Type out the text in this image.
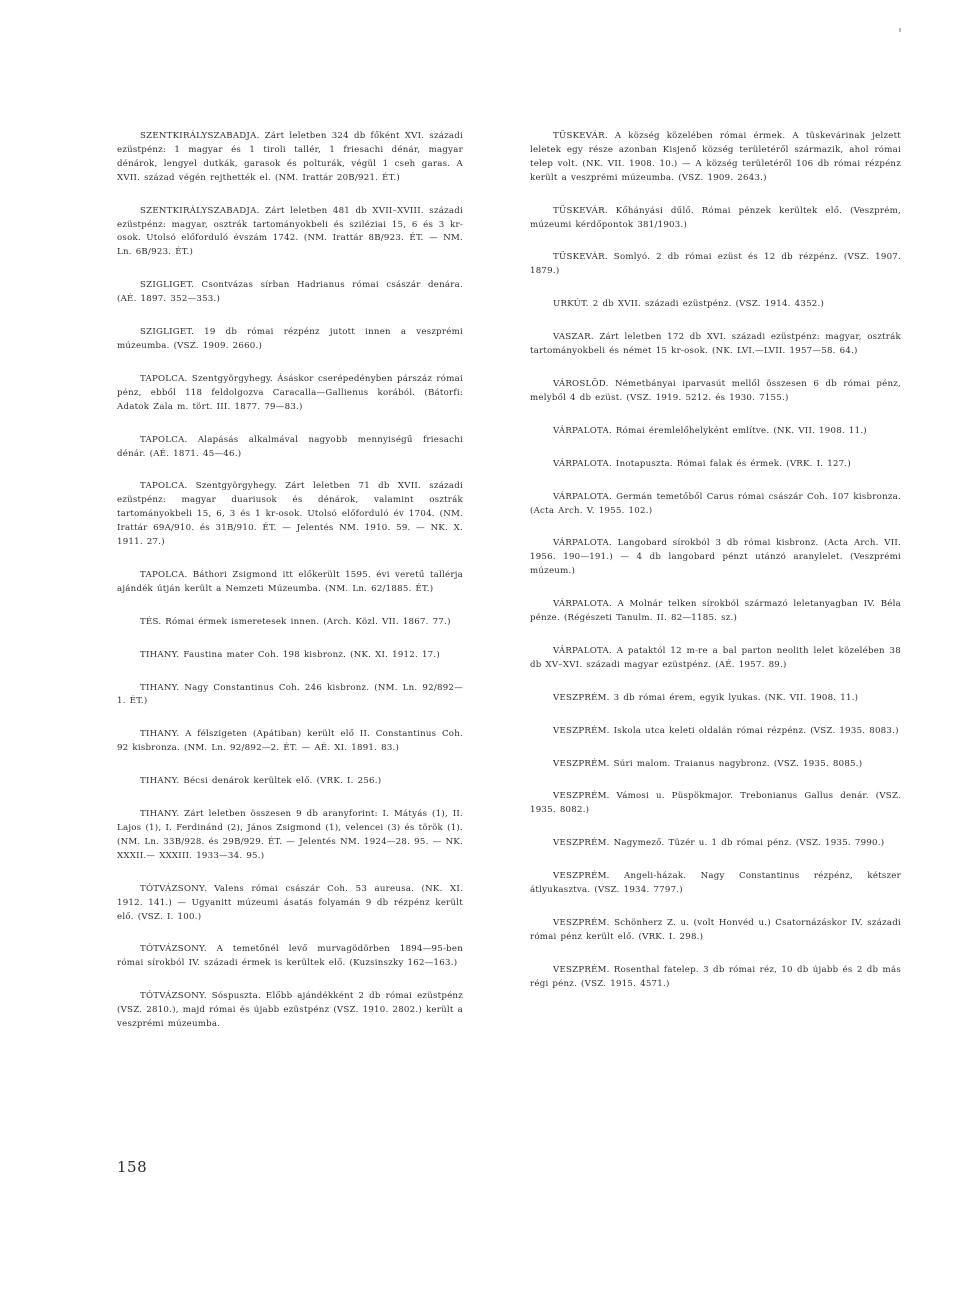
SZENTKIRÁLYSZABADJA. Zárt leletben 324 db főként XVI. századi ezüstpénz: 1 magyar és 1 tiroli tallér, 1 friesachi dénár, magyar dénárok, lengyel dutkák, garasok és polturák, végül 1 cseh garas. A XVII. század végén rejthették el. (NM. Irattár 20B/921. ÉT.)

SZENTKIRÁLYSZABADJA. Zárt leletben 481 db XVII–XVIII. századi ezüstpénz: magyar, osztrák tartományokbeli és sziléziai 15, 6 és 3 kr-osok. Utolsó előforduló évszám 1742. (NM. Irattár 8B/923. ÉT. — NM. Ln. 6B/923. ÉT.)

SZIGLIGET. Csontvázas sírban Hadrianus római császár denára. (AÉ. 1897. 352—353.)

SZIGLIGET. 19 db római rézpénz jutott innen a veszprémi múzeumba. (VSZ. 1909. 2660.)

TAPOLCA. Szentgyörgyhegy. Ásáskor cserépedényben párszáz római pénz, ebből 118 feldolgozva Caracalla—Gallienus korából. (Bátorfi: Adatok Zala m. tört. III. 1877. 79—83.)

TAPOLCA. Alapásás alkalmával nagyobb mennyiségű friesachi dénár. (AÉ. 1871. 45—46.)

TAPOLCA. Szentgyörgyhegy. Zárt leletben 71 db XVII. századi ezüstpénz: magyar duariusok és dénárok, valamint osztrák tartományokbeli 15, 6, 3 és 1 kr-osok. Utolsó előforduló év 1704. (NM. Irattár 69A/910. és 31B/910. ÉT. — Jelentés NM. 1910. 59. — NK. X. 1911. 27.)

TAPOLCA. Báthori Zsigmond itt előkerült 1595. évi veretű tallérja ajándék útján került a Nemzeti Múzeumba. (NM. Ln. 62/1885. ÉT.)

TÉS. Római érmek ismeretesek innen. (Arch. Közl. VII. 1867. 77.)

TIHANY. Faustina mater Coh. 198 kisbronz. (NK. XI. 1912. 17.)

TIHANY. Nagy Constantinus Coh. 246 kisbronz. (NM. Ln. 92/892—1. ÉT.)

TIHANY. A félszigeten (Apátiban) került elő II. Constantinus Coh. 92 kisbronza. (NM. Ln. 92/892—2. ÉT. — AÉ. XI. 1891. 83.)

TIHANY. Bécsi denárok kerültek elő. (VRK. I. 256.)

TIHANY. Zárt leletben összesen 9 db aranyforint: I. Mátyás (1), II. Lajos (1), I. Ferdinánd (2), János Zsigmond (1), velencei (3) és török (1). (NM. Ln. 33B/928. és 29B/929. ÉT. — Jelentés NM. 1924—28. 95. — NK. XXXII.— XXXIII. 1933—34. 95.)

TÓTVÁZSONY. Valens római császár Coh. 53 aureusa. (NK. XI. 1912. 141.) — Ugyanitt múzeumi ásatás folyamán 9 db rézpénz került elő. (VSZ. I. 100.)

TÓTVÁZSONY. A temetőnél levő murvagödörben 1894—95-ben római sírokból IV. századi érmek is kerültek elő. (Kuzsinszky 162—163.)

TÓTVÁZSONY. Sóspuszta. Előbb ajándékként 2 db római ezüstpénz (VSZ. 2810.), majd római és újabb ezüstpénz (VSZ. 1910. 2802.) került a veszprémi múzeumba.

TÜSKEVÁR. A község közelében római érmek. A tüskevárinak jelzett leletek egy része azonban Kisjenő község területéről származik, ahol római telep volt. (NK. VII. 1908. 10.) — A község területéről 106 db római rézpénz került a veszprémi múzeumba. (VSZ. 1909. 2643.)

TÜSKEVÁR. Kőhányási dűlő. Római pénzek kerültek elő. (Veszprém, múzeumi kérdőpontok 381/1903.)

TÜSKEVÁR. Somlyó. 2 db római ezüst és 12 db rézpénz. (VSZ. 1907. 1879.)

URKÚT. 2 db XVII. századi ezüstpénz. (VSZ. 1914. 4352.)

VASZAR. Zárt leletben 172 db XVI. századi ezüstpénz: magyar, osztrák tartományokbeli és német 15 kr-osok. (NK. LVI.—LVII. 1957—58. 64.)

VÁROSLÖD. Németbányai iparvasút mellől összesen 6 db római pénz, melyből 4 db ezüst. (VSZ. 1919. 5212. és 1930. 7155.)

VÁRPALOTA. Római éremlelőhelyként említve. (NK. VII. 1908. 11.)

VÁRPALOTA. Inotapuszta. Római falak és érmek. (VRK. I. 127.)

VÁRPALOTA. Germán temetőből Carus római császár Coh. 107 kisbronza. (Acta Arch. V. 1955. 102.)

VÁRPALOTA. Langobard sírokból 3 db római kisbronz. (Acta Arch. VII. 1956. 190—191.) — 4 db langobard pénzt utánzó aranylelet. (Veszprémi múzeum.)

VÁRPALOTA. A Molnár telken sírokból származó leletanyagban IV. Béla pénze. (Régészeti Tanulm. II. 82—1185. sz.)

VÁRPALOTA. A pataktól 12 m-re a bal parton neolith lelet közelében 38 db XV–XVI. századi magyar ezüstpénz. (AÉ. 1957. 89.)

VESZPRÉM. 3 db római érem, egyik lyukas. (NK. VII. 1908. 11.)

VESZPRÉM. Iskola utca keleti oldalán római rézpénz. (VSZ. 1935. 8083.)

VESZPRÉM. Súri malom. Traianus nagybronz. (VSZ. 1935. 8085.)

VESZPRÉM. Vámosi u. Püspökmajor. Trebonianus Gallus denár. (VSZ. 1935. 8082.)

VESZPRÉM. Nagymező. Tüzér u. 1 db római pénz. (VSZ. 1935. 7990.)

VESZPRÉM. Angeli-házak. Nagy Constantinus rézpénz, kétszer átlyukasztva. (VSZ. 1934. 7797.)

VESZPRÉM. Schönherz Z. u. (volt Honvéd u.) Csatornázáskor IV. századi római pénz került elő. (VRK. I. 298.)

VESZPRÉM. Rosenthal fatelep. 3 db római réz, 10 db újabb és 2 db más régi pénz. (VSZ. 1915. 4571.)

158
